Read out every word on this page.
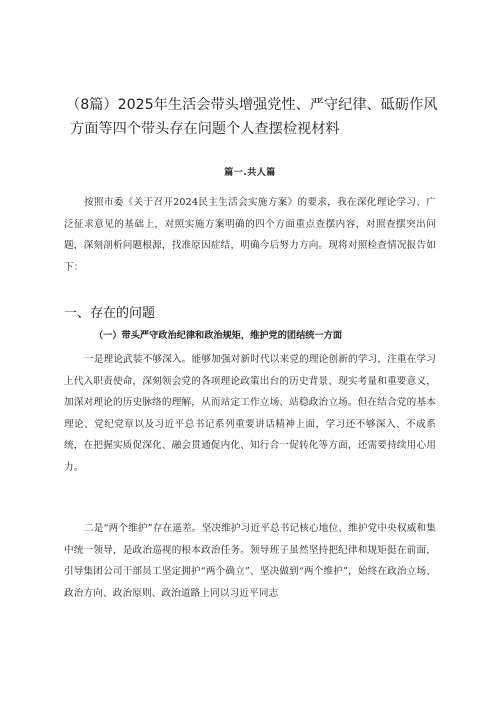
（8篇）2025年生活会带头增强党性、严守纪律、砥砺作风方面等四个带头存在问题个人查摆检视材料
篇一.共人篇

按照市委《关于召开2024民主生活会实施方案》的要求，我在深化理论学习、广泛征求意见的基础上，对照实施方案明确的四个方面重点查摆内容，对照查摆突出问题，深刻剖析问题根源，找准原因症结，明确今后努力方向。现将对照检查情况报告如下：

一、存在的问题
（一）带头严守政治纪律和政治规矩，维护党的团结统一方面

一是理论武装不够深入。能够加强对新时代以来党的理论创新的学习，注重在学习上代入职责使命，深刻领会党的各项理论政策出台的历史背景、现实考量和重要意义，加深对理论的历史脉络的理解，从而站定工作立场、站稳政治立场。但在结合党的基本理论、党纪党章以及习近平总书记系列重要讲话精神上面，学习还不够深入、不成系统，在把握实质促深化、融会贯通促内化、知行合一促转化等方面，还需要持续用心用力。

二是“两个维护”存在遥差。坚决维护习近平总书记核心地位、维护党中央权威和集中统一领导，是政治巡视的根本政治任务。领导班子虽然坚持把纪律和规矩挺在前面，引导集团公司干部员工坚定拥护“两个确立”、坚决做到“两个维护”，始终在政治立场、政治方向、政治原则、政治道路上同以习近平同志
